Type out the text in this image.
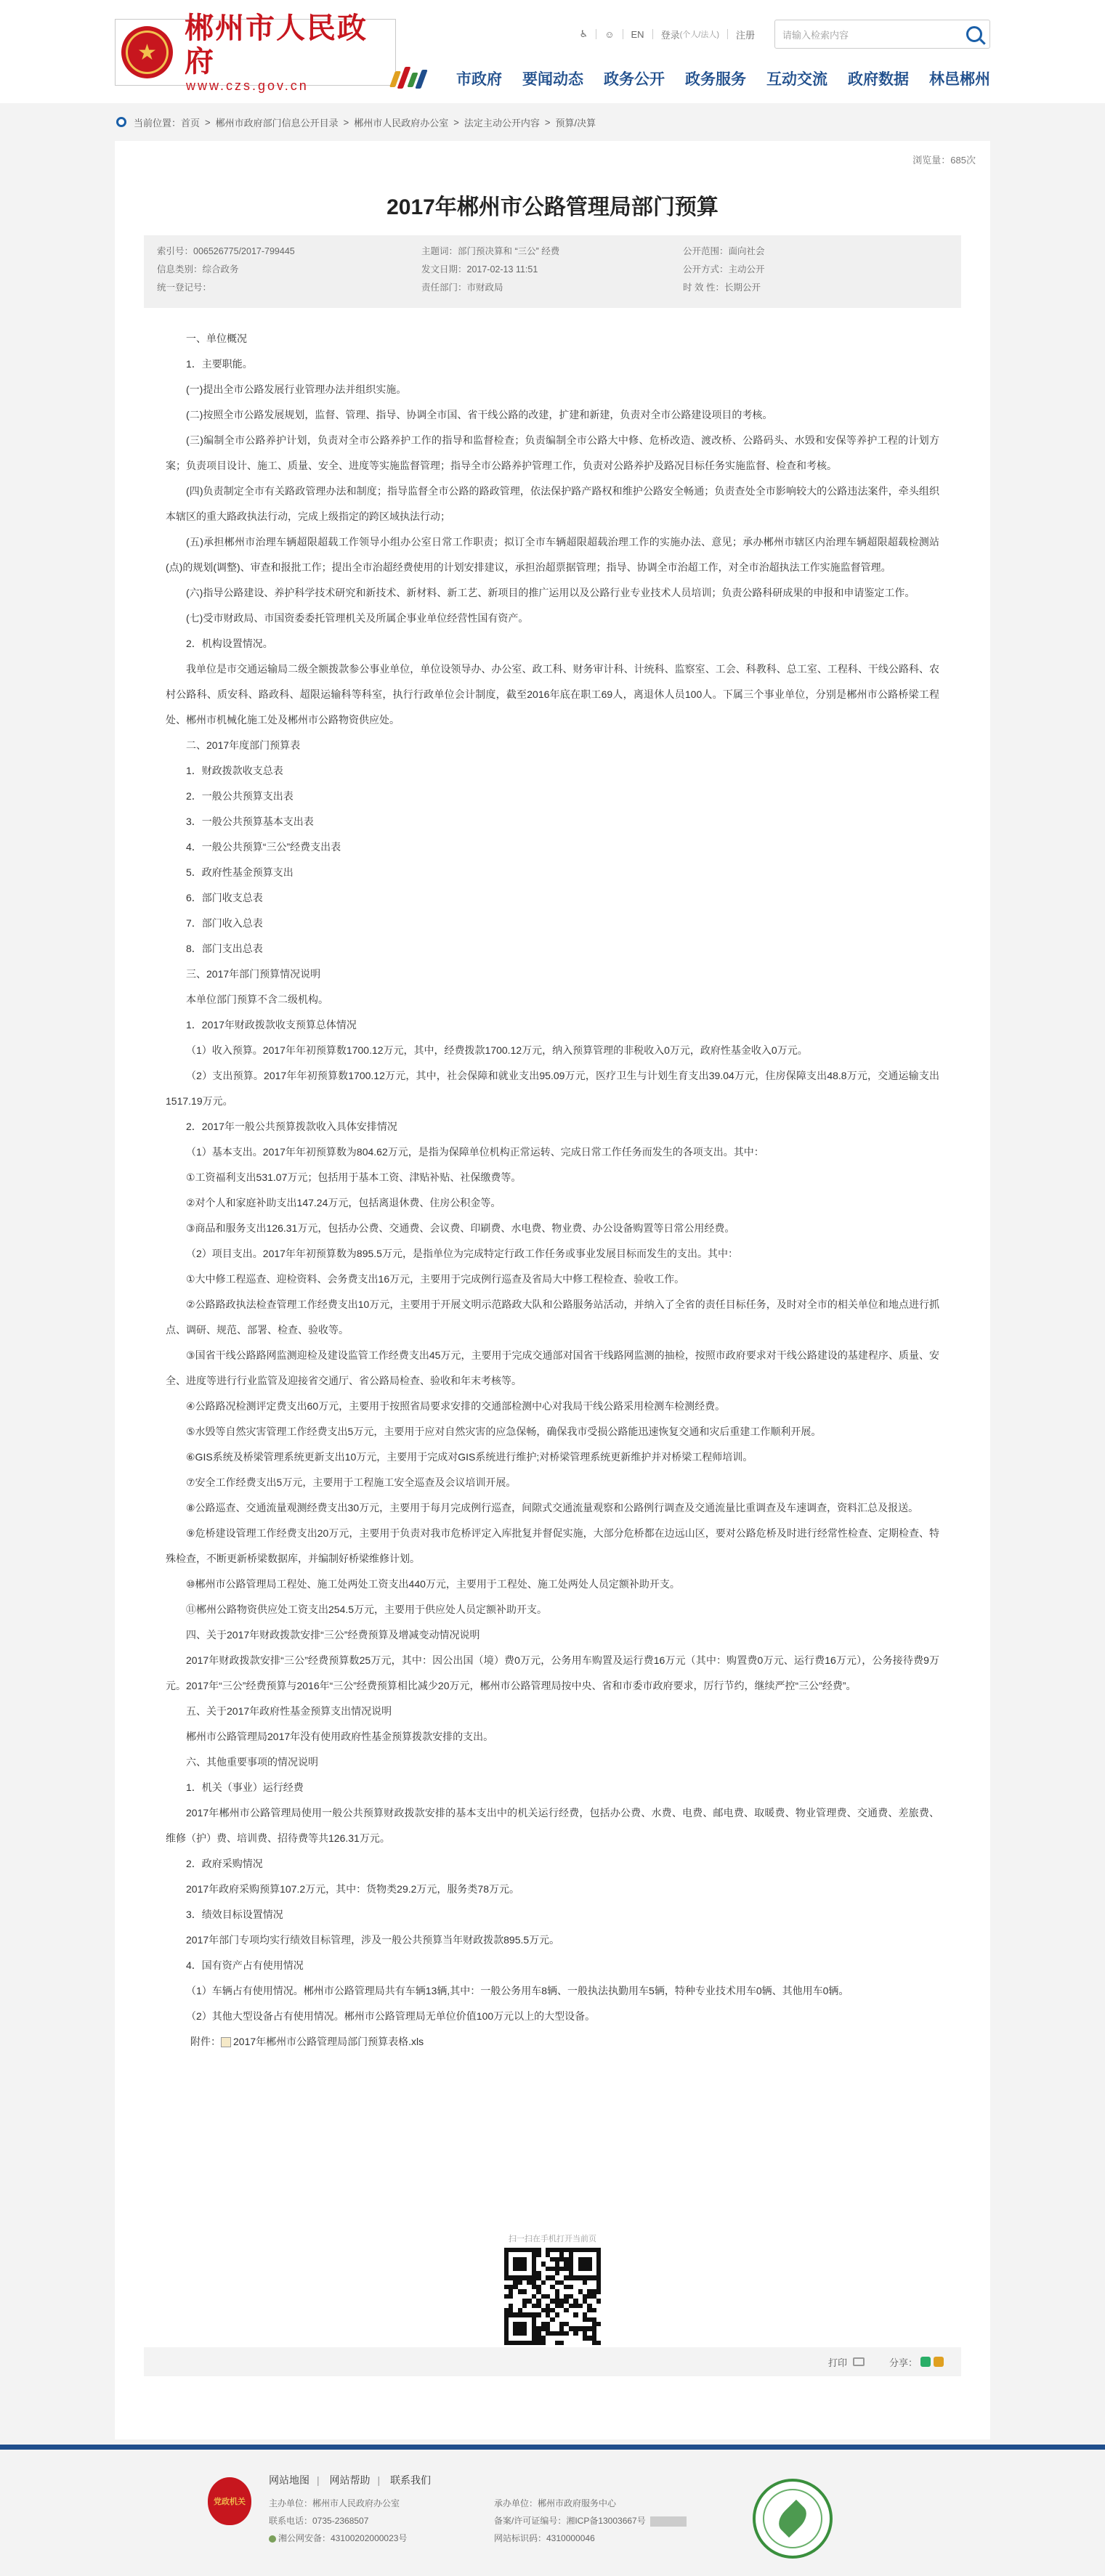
★
郴州市人民政府
www.czs.gov.cn
♿︎ ☺ EN 登录 (个人/法人) 注册	请输入检索内容
市政府 要闻动态 政务公开 政务服务 互动交流 政府数据 林邑郴州
当前位置： 首页 > 郴州市政府部门信息公开目录 > 郴州市人民政府办公室 > 法定主动公开内容 > 预算/决算
浏览量：685次
2017年郴州市公路管理局部门预算
索引号：006526775/2017-799445	主题词：部门预决算和 “三公” 经费	公开范围：面向社会
信息类别：综合政务	发文日期：2017-02-13 11:51	公开方式：主动公开
统一登记号：	责任部门：市财政局	时 效 性：长期公开

一、单位概况

1．主要职能。

(一)提出全市公路发展行业管理办法并组织实施。

(二)按照全市公路发展规划，监督、管理、指导、协调全市国、省干线公路的改建，扩建和新建，负责对全市公路建设项目的考核。

(三)编制全市公路养护计划，负责对全市公路养护工作的指导和监督检查；负责编制全市公路大中修、危桥改造、渡改桥、公路码头、水毁和安保等养护工程的计划方案；负责项目设计、施工、质量、安全、进度等实施监督管理；指导全市公路养护管理工作，负责对公路养护及路况目标任务实施监督、检查和考核。

(四)负责制定全市有关路政管理办法和制度；指导监督全市公路的路政管理，依法保护路产路权和维护公路安全畅通；负责查处全市影响较大的公路违法案件，牵头组织本辖区的重大路政执法行动，完成上级指定的跨区域执法行动；

(五)承担郴州市治理车辆超限超载工作领导小组办公室日常工作职责；拟订全市车辆超限超载治理工作的实施办法、意见；承办郴州市辖区内治理车辆超限超载检测站(点)的规划(调整)、审查和报批工作；提出全市治超经费使用的计划安排建议，承担治超票据管理；指导、协调全市治超工作，对全市治超执法工作实施监督管理。

(六)指导公路建设、养护科学技术研究和新技术、新材料、新工艺、新项目的推广运用以及公路行业专业技术人员培训；负责公路科研成果的申报和申请鉴定工作。

(七)受市财政局、市国资委委托管理机关及所属企事业单位经营性国有资产。

2．机构设置情况。

我单位是市交通运输局二级全额拨款参公事业单位，单位设领导办、办公室、政工科、财务审计科、计统科、监察室、工会、科教科、总工室、工程科、干线公路科、农村公路科、质安科、路政科、超限运输科等科室，执行行政单位会计制度，截至2016年底在职工69人，离退休人员100人。下属三个事业单位，分别是郴州市公路桥梁工程处、郴州市机械化施工处及郴州市公路物资供应处。

二、2017年度部门预算表

1．财政拨款收支总表

2．一般公共预算支出表

3．一般公共预算基本支出表

4．一般公共预算“三公”经费支出表

5．政府性基金预算支出

6．部门收支总表

7．部门收入总表

8．部门支出总表

三、2017年部门预算情况说明

本单位部门预算不含二级机构。

1．2017年财政拨款收支预算总体情况

（1）收入预算。2017年年初预算数1700.12万元，其中，经费拨款1700.12万元，纳入预算管理的非税收入0万元，政府性基金收入0万元。

（2）支出预算。2017年年初预算数1700.12万元，其中，社会保障和就业支出95.09万元，医疗卫生与计划生育支出39.04万元，住房保障支出48.8万元，交通运输支出1517.19万元。

2．2017年一般公共预算拨款收入具体安排情况

（1）基本支出。2017年年初预算数为804.62万元，是指为保障单位机构正常运转、完成日常工作任务而发生的各项支出。其中：

①工资福利支出531.07万元；包括用于基本工资、津贴补贴、社保缴费等。

②对个人和家庭补助支出147.24万元，包括离退休费、住房公积金等。

③商品和服务支出126.31万元，包括办公费、交通费、会议费、印刷费、水电费、物业费、办公设备购置等日常公用经费。

（2）项目支出。2017年年初预算数为895.5万元，是指单位为完成特定行政工作任务或事业发展目标而发生的支出。其中：

①大中修工程巡查、迎检资料、会务费支出16万元，主要用于完成例行巡查及省局大中修工程检查、验收工作。

②公路路政执法检查管理工作经费支出10万元，主要用于开展文明示范路政大队和公路服务站活动，并纳入了全省的责任目标任务，及时对全市的相关单位和地点进行抓点、调研、规范、部署、检查、验收等。

③国省干线公路路网监测迎检及建设监管工作经费支出45万元，主要用于完成交通部对国省干线路网监测的抽检，按照市政府要求对干线公路建设的基建程序、质量、安全、进度等进行行业监管及迎接省交通厅、省公路局检查、验收和年末考核等。

④公路路况检测评定费支出60万元，主要用于按照省局要求安排的交通部检测中心对我局干线公路采用检测车检测经费。

⑤水毁等自然灾害管理工作经费支出5万元，主要用于应对自然灾害的应急保畅，确保我市受损公路能迅速恢复交通和灾后重建工作顺利开展。

⑥GIS系统及桥梁管理系统更新支出10万元，主要用于完成对GIS系统进行维护;对桥梁管理系统更新维护并对桥梁工程师培训。

⑦安全工作经费支出5万元，主要用于工程施工安全巡查及会议培训开展。

⑧公路巡查、交通流量观测经费支出30万元，主要用于每月完成例行巡查，间隙式交通流量观察和公路例行调查及交通流量比重调查及车速调查，资料汇总及报送。

⑨危桥建设管理工作经费支出20万元，主要用于负责对我市危桥评定入库批复并督促实施，大部分危桥都在边远山区，要对公路危桥及时进行经常性检查、定期检查、特殊检查，不断更新桥梁数据库，并编制好桥梁维修计划。

⑩郴州市公路管理局工程处、施工处两处工资支出440万元，主要用于工程处、施工处两处人员定额补助开支。

⑪郴州公路物资供应处工资支出254.5万元，主要用于供应处人员定额补助开支。

四、关于2017年财政拨款安排“三公”经费预算及增减变动情况说明

2017年财政拨款安排“三公”经费预算数25万元，其中：因公出国（境）费0万元，公务用车购置及运行费16万元（其中：购置费0万元、运行费16万元），公务接待费9万元。2017年“三公”经费预算与2016年“三公”经费预算相比减少20万元，郴州市公路管理局按中央、省和市委市政府要求，厉行节约，继续严控“三公”经费”。

五、关于2017年政府性基金预算支出情况说明

郴州市公路管理局2017年没有使用政府性基金预算拨款安排的支出。

六、其他重要事项的情况说明

1．机关（事业）运行经费

2017年郴州市公路管理局使用一般公共预算财政拨款安排的基本支出中的机关运行经费，包括办公费、水费、电费、邮电费、取暖费、物业管理费、交通费、差旅费、维修（护）费、培训费、招待费等共126.31万元。

2．政府采购情况

2017年政府采购预算107.2万元，其中：货物类29.2万元，服务类78万元。

3．绩效目标设置情况

2017年部门专项均实行绩效目标管理，涉及一般公共预算当年财政拨款895.5万元。

4．国有资产占有使用情况

（1）车辆占有使用情况。郴州市公路管理局共有车辆13辆,其中：一般公务用车8辆、一般执法执勤用车5辆，特种专业技术用车0辆、其他用车0辆。

（2）其他大型设备占有使用情况。郴州市公路管理局无单位价值100万元以上的大型设备。

附件： 2017年郴州市公路管理局部门预算表格.xls
扫一扫在手机打开当前页
打印	分享：
党政机关
网站地图 | 网站帮助 | 联系我们
主办单位：郴州市人民政府办公室	承办单位：郴州市政府服务中心
联系电话：0735-2368507	备案/许可证编号：湘ICP备13003667号
湘公网安备：43100202000023号	网站标识码：4310000046
